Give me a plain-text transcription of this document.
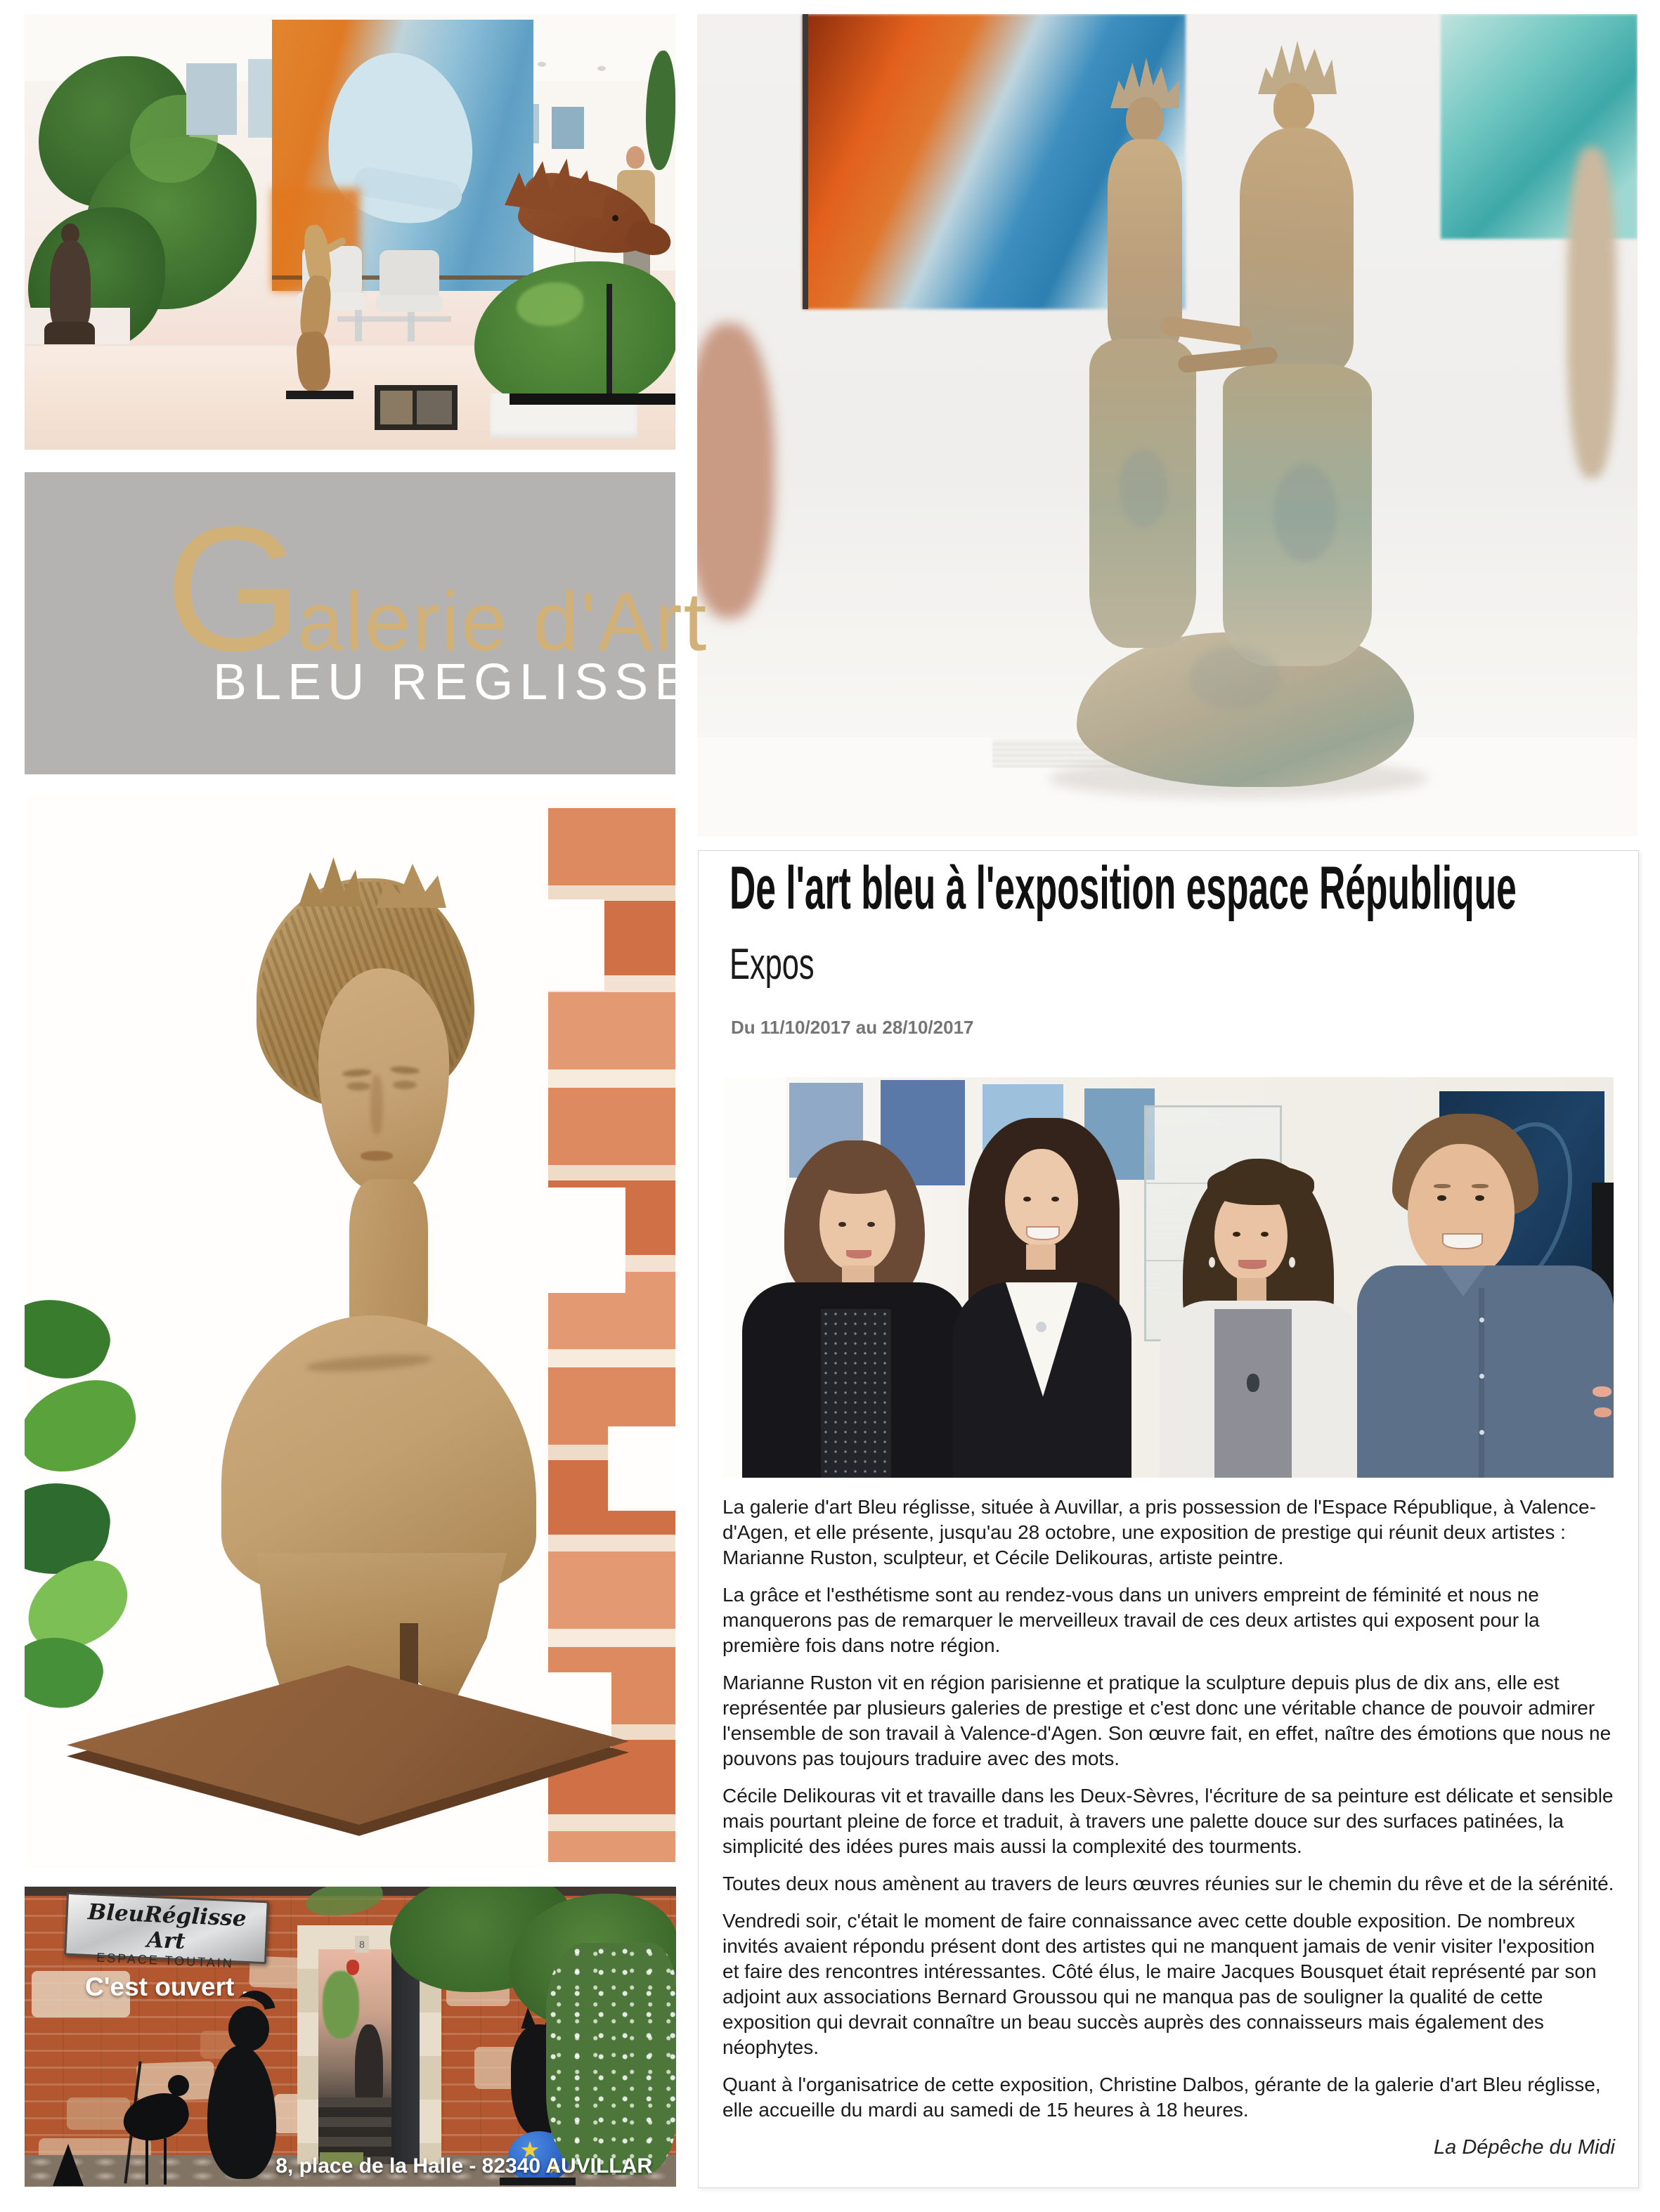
Galerie d'Art
BLEU REGLISSE
8
BleuRéglisse Art
ESPACE TOUTAIN
C'est ouvert ...
8, place de la Halle - 82340 AUVILLAR
De l'art bleu à l'exposition espace République
Expos
Du 11/10/2017 au 28/10/2017

La galerie d'art Bleu réglisse, située à Auvillar, a pris possession de l'Espace République, à Valence-d'Agen, et elle présente, jusqu'au 28 octobre, une exposition de prestige qui réunit deux artistes : Marianne Ruston, sculpteur, et Cécile Delikouras, artiste peintre.

La grâce et l'esthétisme sont au rendez-vous dans un univers empreint de féminité et nous ne manquerons pas de remarquer le merveilleux travail de ces deux artistes qui exposent pour la première fois dans notre région.

Marianne Ruston vit en région parisienne et pratique la sculpture depuis plus de dix ans, elle est représentée par plusieurs galeries de prestige et c'est donc une véritable chance de pouvoir admirer l'ensemble de son travail à Valence-d'Agen. Son œuvre fait, en effet, naître des émotions que nous ne pouvons pas toujours traduire avec des mots.

Cécile Delikouras vit et travaille dans les Deux-Sèvres, l'écriture de sa peinture est délicate et sensible mais pourtant pleine de force et traduit, à travers une palette douce sur des surfaces patinées, la simplicité des idées pures mais aussi la complexité des tourments.

Toutes deux nous amènent au travers de leurs œuvres réunies sur le chemin du rêve et de la sérénité.

Vendredi soir, c'était le moment de faire connaissance avec cette double exposition. De nombreux invités avaient répondu présent dont des artistes qui ne manquent jamais de venir visiter l'exposition et faire des rencontres intéressantes. Côté élus, le maire Jacques Bousquet était représenté par son adjoint aux associations Bernard Groussou qui ne manqua pas de souligner la qualité de cette exposition qui devrait connaître un beau succès auprès des connaisseurs mais également des néophytes.

Quant à l'organisatrice de cette exposition, Christine Dalbos, gérante de la galerie d'art Bleu réglisse, elle accueille du mardi au samedi de 15 heures à 18 heures.

La Dépêche du Midi
